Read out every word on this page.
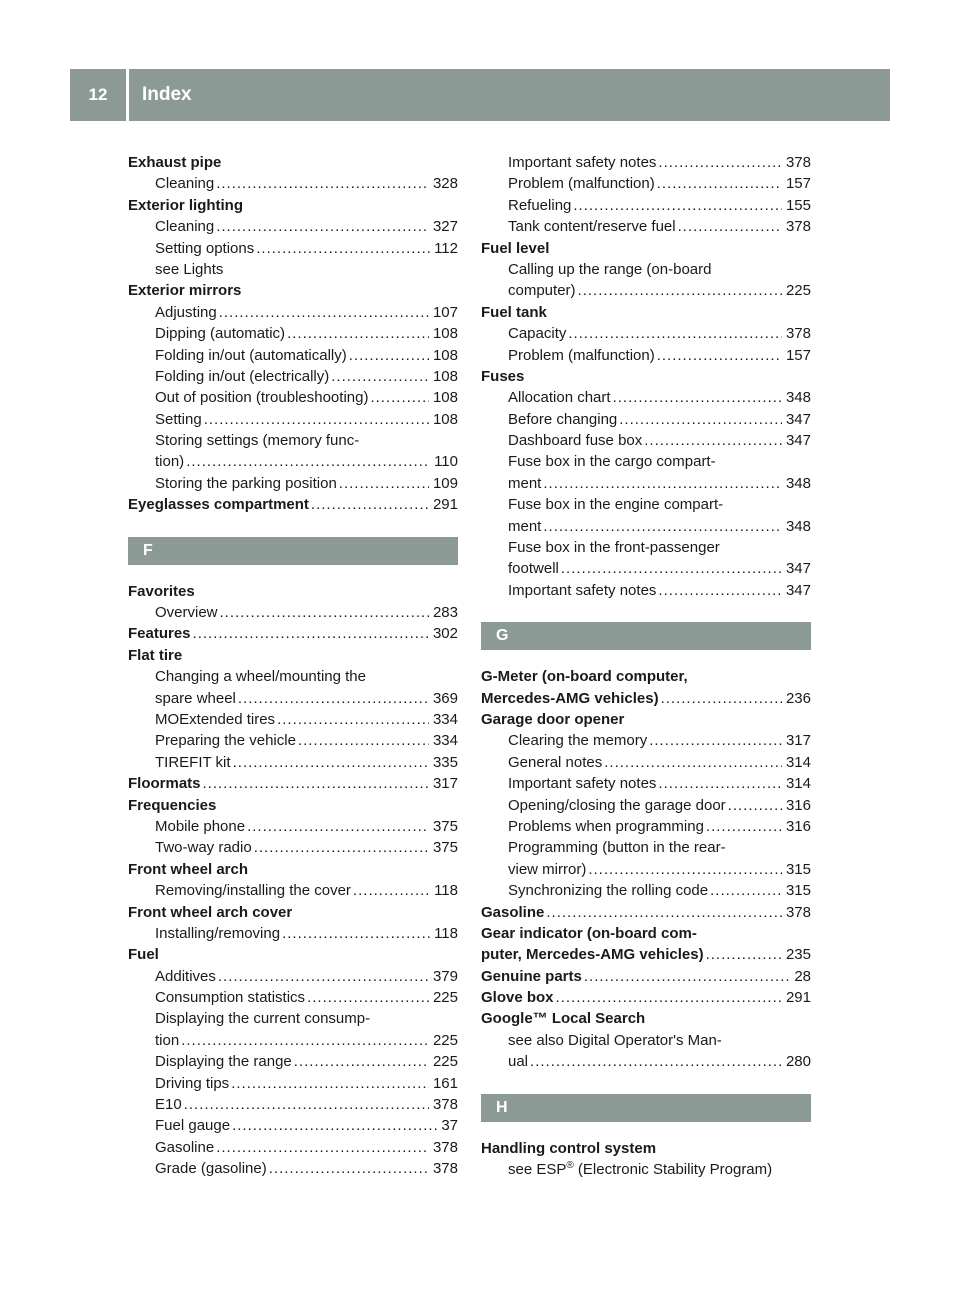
12	Index
Exhaust pipe
Cleaning .....	328
Exterior lighting
Cleaning .....	327
Setting options .....	112
see Lights
Exterior mirrors
Adjusting .....	107
Dipping (automatic) .....	108
Folding in/out (automatically) .....	108
Folding in/out (electrically) .....	108
Out of position (troubleshooting) .....	108
Setting .....	108
Storing settings (memory func-
tion) .....	110
Storing the parking position .....	109
Eyeglasses compartment .....	291
F
Favorites
Overview .....	283
Features .....	302
Flat tire
Changing a wheel/mounting the
spare wheel .....	369
MOExtended tires .....	334
Preparing the vehicle .....	334
TIREFIT kit .....	335
Floormats .....	317
Frequencies
Mobile phone .....	375
Two-way radio .....	375
Front wheel arch
Removing/installing the cover .....	118
Front wheel arch cover
Installing/removing .....	118
Fuel
Additives .....	379
Consumption statistics .....	225
Displaying the current consump-
tion .....	225
Displaying the range .....	225
Driving tips .....	161
E10 .....	378
Fuel gauge .....	37
Gasoline .....	378
Grade (gasoline) .....	378
Important safety notes .....	378
Problem (malfunction) .....	157
Refueling .....	155
Tank content/reserve fuel .....	378
Fuel level
Calling up the range (on-board
computer) .....	225
Fuel tank
Capacity .....	378
Problem (malfunction) .....	157
Fuses
Allocation chart .....	348
Before changing .....	347
Dashboard fuse box .....	347
Fuse box in the cargo compart-
ment .....	348
Fuse box in the engine compart-
ment .....	348
Fuse box in the front-passenger
footwell .....	347
Important safety notes .....	347
G
G-Meter (on-board computer,
Mercedes-AMG vehicles) .....	236
Garage door opener
Clearing the memory .....	317
General notes .....	314
Important safety notes .....	314
Opening/closing the garage door .....	316
Problems when programming .....	316
Programming (button in the rear-
view mirror) .....	315
Synchronizing the rolling code .....	315
Gasoline .....	378
Gear indicator (on-board com-
puter, Mercedes-AMG vehicles) .....	235
Genuine parts .....	28
Glove box .....	291
Google™ Local Search
see also Digital Operator's Man-
ual .....	280
H
Handling control system
see ESP® (Electronic Stability Program)
